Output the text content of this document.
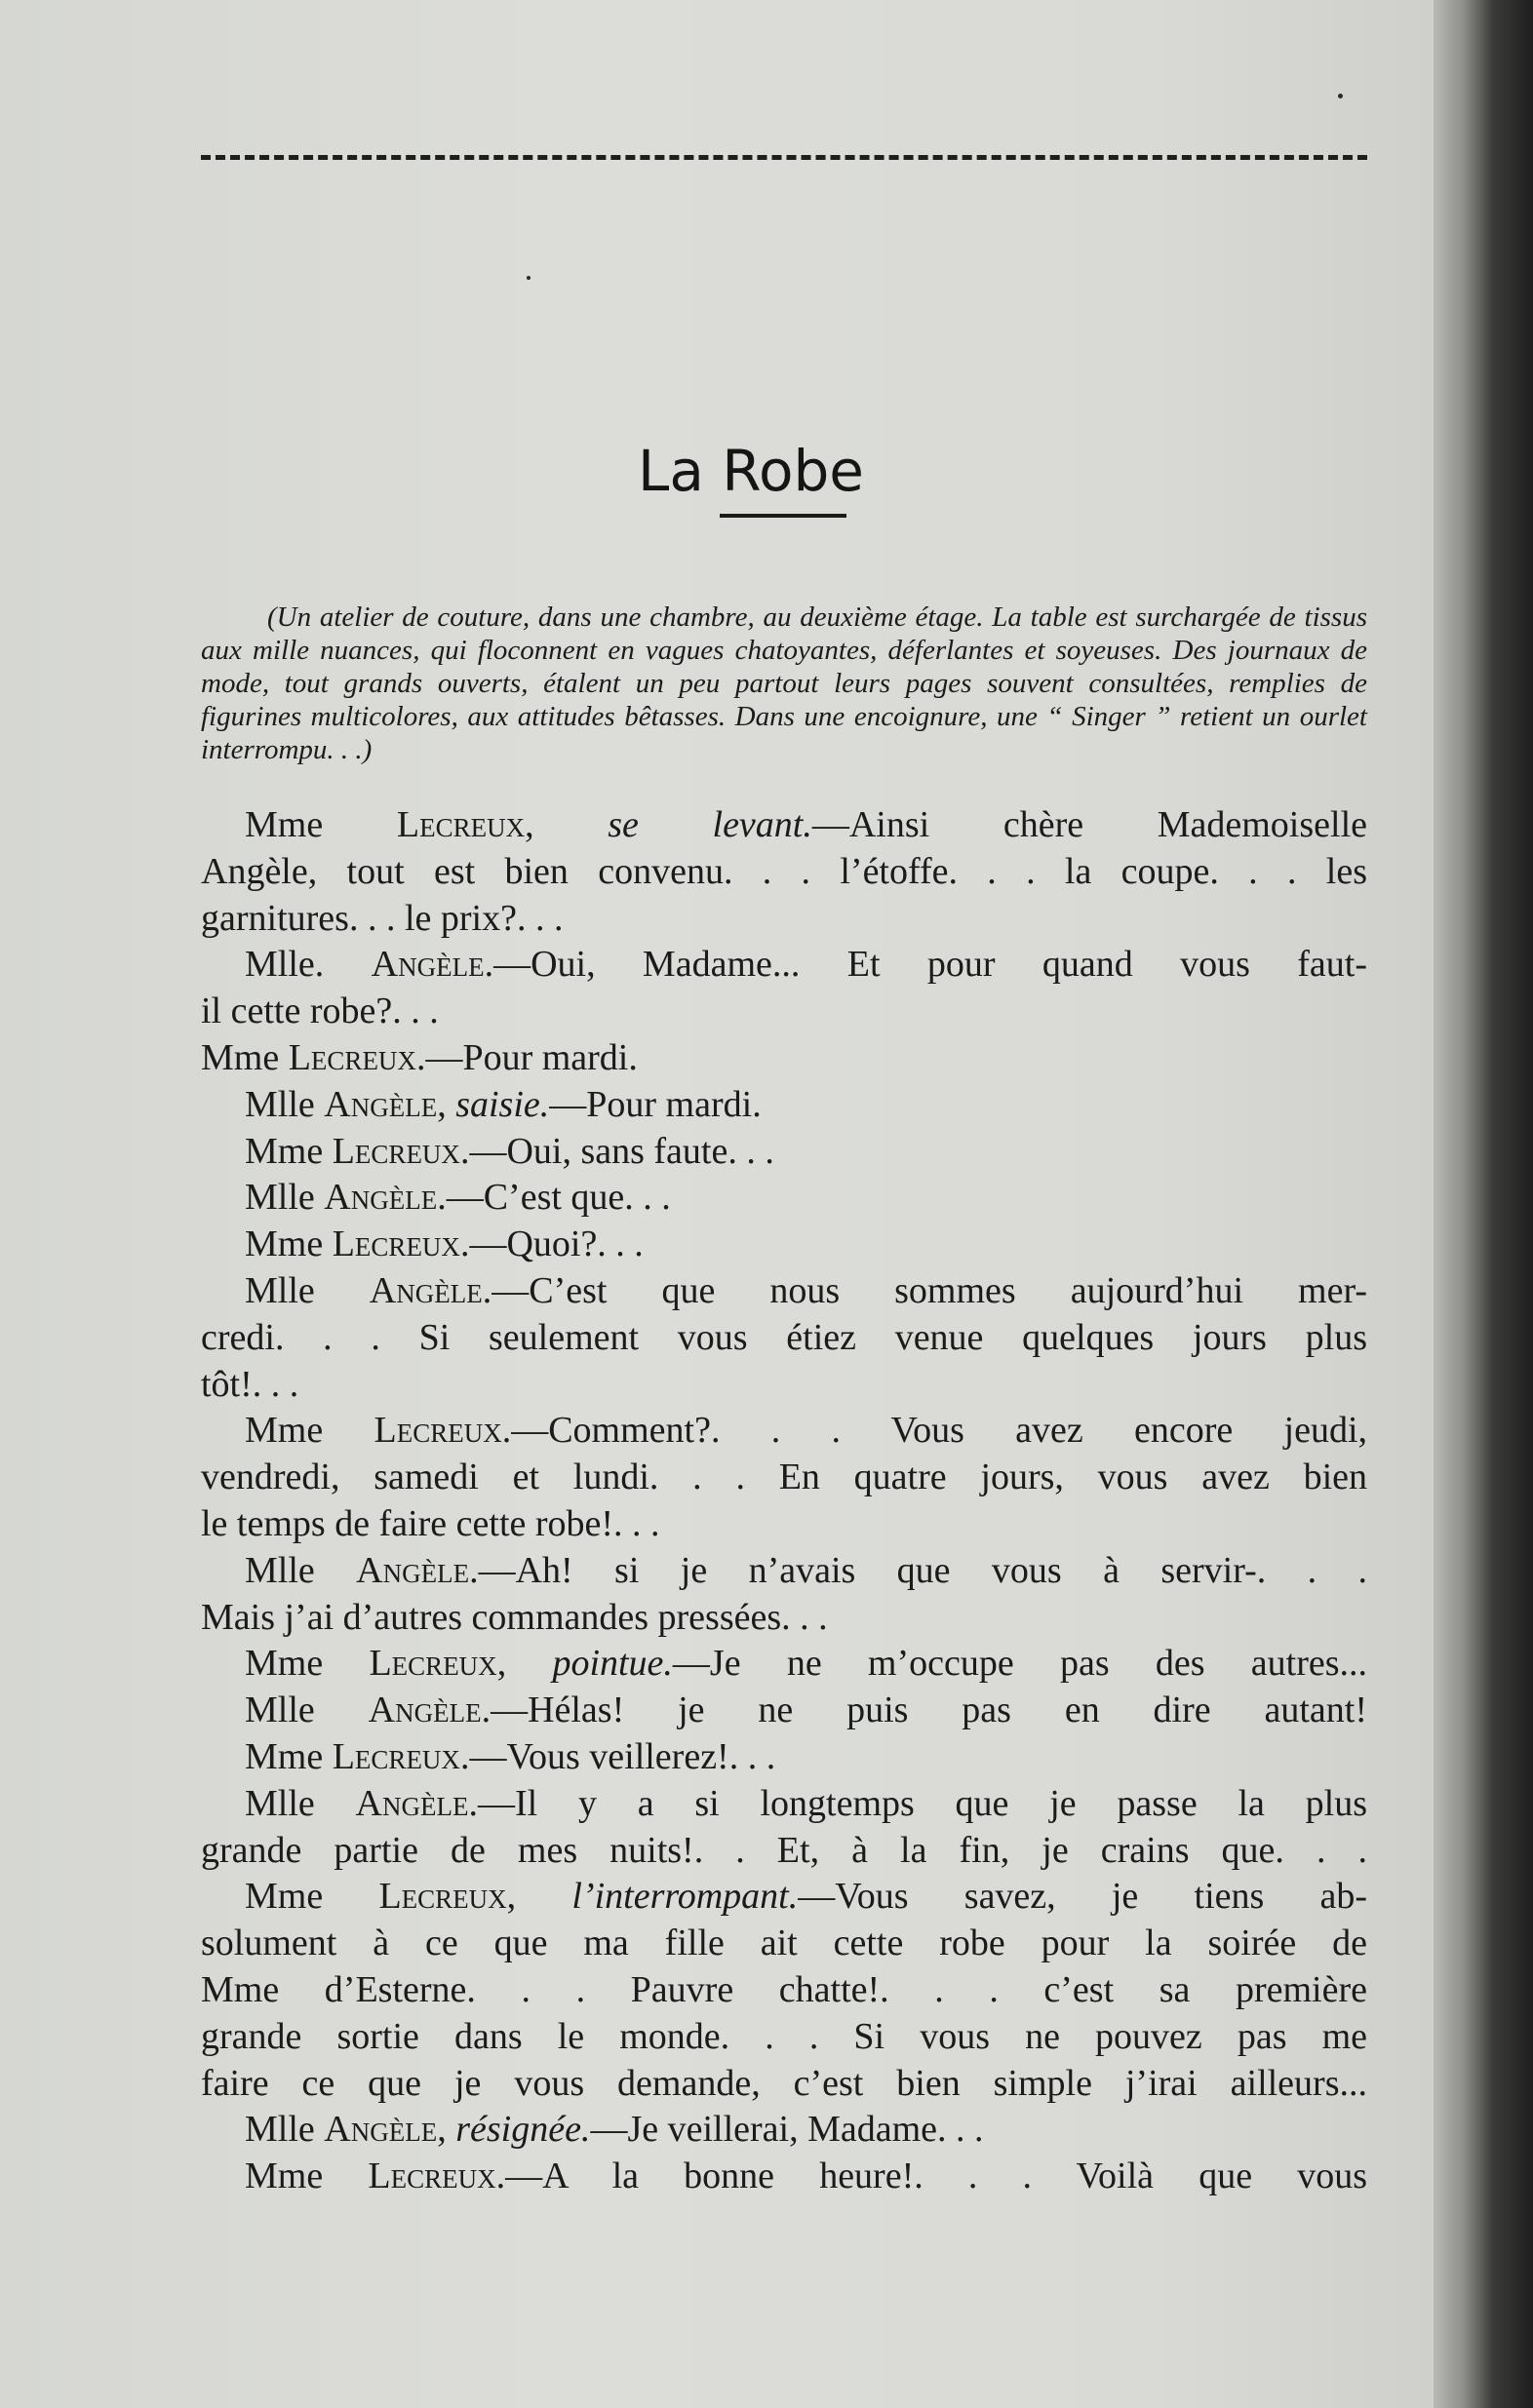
La Robe

(Un atelier de couture, dans une chambre, au deuxième étage. La table est surchargée de tissus aux mille nuances, qui floconnent en vagues chatoyantes, déferlantes et soyeuses. Des journaux de mode, tout grands ouverts, étalent un peu partout leurs pages souvent consultées, remplies de figurines multicolores, aux attitudes bêtasses. Dans une encoignure, une “ Singer ” retient un ourlet interrompu. . .)

Mme Lecreux, se levant.—Ainsi chère Mademoiselle
Angèle, tout est bien convenu. . . l’étoffe. . . la coupe. . . les
garnitures. . . le prix?. . .
Mlle. Angèle.—Oui, Madame... Et pour quand vous faut-
il cette robe?. . .
Mme Lecreux.—Pour mardi.
Mlle Angèle, saisie.—Pour mardi.
Mme Lecreux.—Oui, sans faute. . .
Mlle Angèle.—C’est que. . .
Mme Lecreux.—Quoi?. . .
Mlle Angèle.—C’est que nous sommes aujourd’hui mer-
credi. . . Si seulement vous étiez venue quelques jours plus
tôt!. . .
Mme Lecreux.—Comment?. . . Vous avez encore jeudi,
vendredi, samedi et lundi. . . En quatre jours, vous avez bien
le temps de faire cette robe!. . .
Mlle Angèle.—Ah! si je n’avais que vous à servir-. . .
Mais j’ai d’autres commandes pressées. . .
Mme Lecreux, pointue.—Je ne m’occupe pas des autres...
Mlle Angèle.—Hélas! je ne puis pas en dire autant!
Mme Lecreux.—Vous veillerez!. . .
Mlle Angèle.—Il y a si longtemps que je passe la plus
grande partie de mes nuits!. . Et, à la fin, je crains que. . .
Mme Lecreux, l’interrompant.—Vous savez, je tiens ab-
solument à ce que ma fille ait cette robe pour la soirée de
Mme d’Esterne. . . Pauvre chatte!. . . c’est sa première
grande sortie dans le monde. . . Si vous ne pouvez pas me
faire ce que je vous demande, c’est bien simple j’irai ailleurs...
Mlle Angèle, résignée.—Je veillerai, Madame. . .
Mme Lecreux.—A la bonne heure!. . . Voilà que vous
